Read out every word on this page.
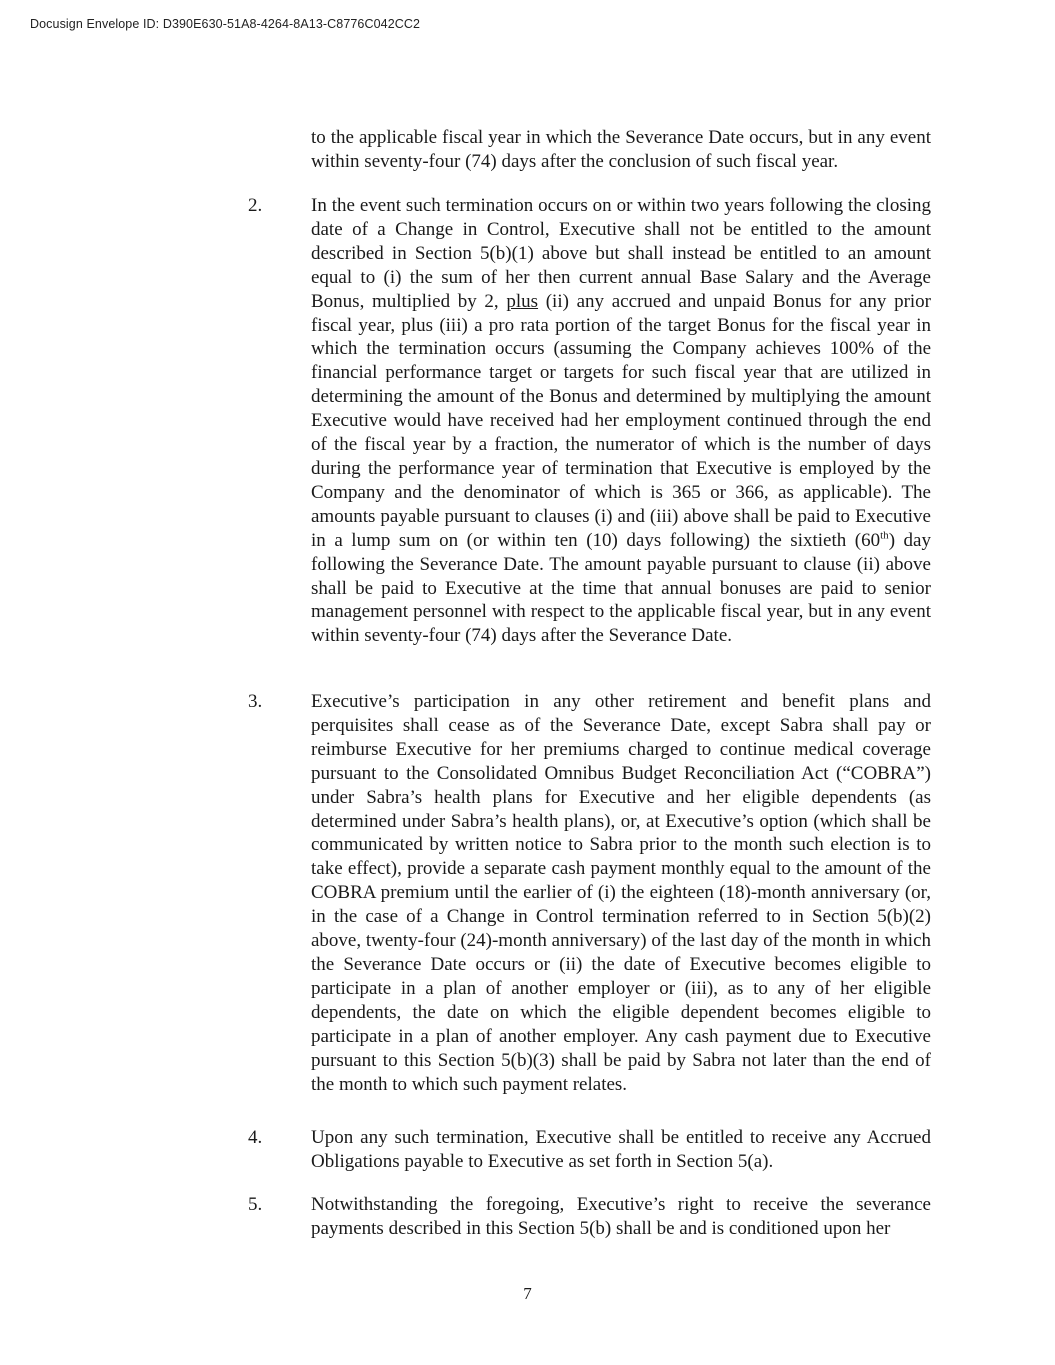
Docusign Envelope ID: D390E630-51A8-4264-8A13-C8776C042CC2

to the applicable fiscal year in which the Severance Date occurs, but in any event within seventy-four (74) days after the conclusion of such fiscal year.

2.	In the event such termination occurs on or within two years following the closing date of a Change in Control, Executive shall not be entitled to the amount described in Section 5(b)(1) above but shall instead be entitled to an amount equal to (i) the sum of her then current annual Base Salary and the Average Bonus, multiplied by 2, plus (ii) any accrued and unpaid Bonus for any prior fiscal year, plus (iii) a pro rata portion of the target Bonus for the fiscal year in which the termination occurs (assuming the Company achieves 100% of the financial performance target or targets for such fiscal year that are utilized in determining the amount of the Bonus and determined by multiplying the amount Executive would have received had her employment continued through the end of the fiscal year by a fraction, the numerator of which is the number of days during the performance year of termination that Executive is employed by the Company and the denominator of which is 365 or 366, as applicable). The amounts payable pursuant to clauses (i) and (iii) above shall be paid to Executive in a lump sum on (or within ten (10) days following) the sixtieth (60th) day following the Severance Date. The amount payable pursuant to clause (ii) above shall be paid to Executive at the time that annual bonuses are paid to senior management personnel with respect to the applicable fiscal year, but in any event within seventy-four (74) days after the Severance Date.

3.	Executive’s participation in any other retirement and benefit plans and perquisites shall cease as of the Severance Date, except Sabra shall pay or reimburse Executive for her premiums charged to continue medical coverage pursuant to the Consolidated Omnibus Budget Reconciliation Act (“COBRA”) under Sabra’s health plans for Executive and her eligible dependents (as determined under Sabra’s health plans), or, at Executive’s option (which shall be communicated by written notice to Sabra prior to the month such election is to take effect), provide a separate cash payment monthly equal to the amount of the COBRA premium until the earlier of (i) the eighteen (18)-month anniversary (or, in the case of a Change in Control termination referred to in Section 5(b)(2) above, twenty-four (24)-month anniversary) of the last day of the month in which the Severance Date occurs or (ii) the date of Executive becomes eligible to participate in a plan of another employer or (iii), as to any of her eligible dependents, the date on which the eligible dependent becomes eligible to participate in a plan of another employer. Any cash payment due to Executive pursuant to this Section 5(b)(3) shall be paid by Sabra not later than the end of the month to which such payment relates.

4.	Upon any such termination, Executive shall be entitled to receive any Accrued Obligations payable to Executive as set forth in Section 5(a).

5.	Notwithstanding the foregoing, Executive’s right to receive the severance payments described in this Section 5(b) shall be and is conditioned upon her

7
